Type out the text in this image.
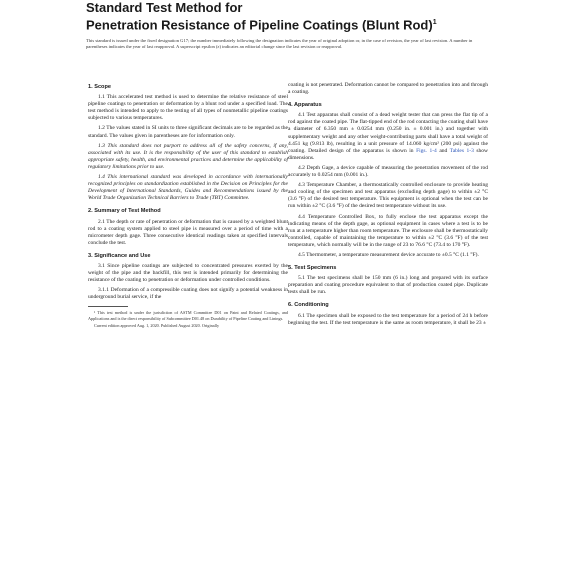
Standard Test Method for
Penetration Resistance of Pipeline Coatings (Blunt Rod)$^1$
This standard is issued under the fixed designation G17; the number immediately following the designation indicates the year of original adoption or, in the case of revision, the year of last revision. A number in parentheses indicates the year of last reapproval. A superscript epsilon (ε) indicates an editorial change since the last revision or reapproval.
1. Scope

1.1 This accelerated test method is used to determine the relative resistance of steel pipeline coatings to penetration or deformation by a blunt rod under a specified load. The test method is intended to apply to the testing of all types of nonmetallic pipeline coatings subjected to various temperatures.

1.2 The values stated in SI units to three significant decimals are to be regarded as the standard. The values given in parentheses are for information only.

1.3 This standard does not purport to address all of the safety concerns, if any, associated with its use. It is the responsibility of the user of this standard to establish appropriate safety, health, and environmental practices and determine the applicability of regulatory limitations prior to use.

1.4 This international standard was developed in accordance with internationally recognized principles on standardization established in the Decision on Principles for the Development of International Standards, Guides and Recommendations issued by the World Trade Organization Technical Barriers to Trade (TBT) Committee.

2. Summary of Test Method

2.1 The depth or rate of penetration or deformation that is caused by a weighted blunt rod to a coating system applied to steel pipe is measured over a period of time with a micrometer depth gage. Three consecutive identical readings taken at specified intervals conclude the test.

3. Significance and Use

3.1 Since pipeline coatings are subjected to concentrated pressures exerted by the weight of the pipe and the backfill, this test is intended primarily for determining the resistance of the coating to penetration or deformation under controlled conditions.

3.1.1 Deformation of a compressible coating does not signify a potential weakness in underground burial service, if the

¹ This test method is under the jurisdiction of ASTM Committee D01 on Paint and Related Coatings, and Applications and is the direct responsibility of Subcommittee D01.48 on Durability of Pipeline Coating and Linings.

Current edition approved Aug. 1, 2020. Published August 2020. Originally

coating is not penetrated. Deformation cannot be compared to penetration into and through a coating.

4. Apparatus

4.1 Test apparatus shall consist of a dead weight tester that can press the flat tip of a rod against the coated pipe. The flat-tipped end of the rod contacting the coating shall have a diameter of 6.350 mm ± 0.0254 mm (0.250 in. ± 0.001 in.) and together with supplementary weight and any other weight-contributing parts shall have a total weight of 4.451 kg (9.813 lb), resulting in a unit pressure of 14.060 kg/cm² (200 psi) against the coating. Detailed design of the apparatus is shown in Figs. 1-4 and Tables 1-3 show dimensions.

4.2 Depth Gage, a device capable of measuring the penetration movement of the rod accurately to 0.0254 mm (0.001 in.).

4.3 Temperature Chamber, a thermostatically controlled enclosure to provide heating and cooling of the specimen and test apparatus (excluding depth gage) to within ±2 °C (3.6 °F) of the desired test temperature. This equipment is optional when the test can be run within ±2 °C (3.6 °F) of the desired test temperature without its use.

4.4 Temperature Controlled Box, to fully enclose the test apparatus except the indicating means of the depth gage, as optional equipment in cases where a test is to be run at a temperature higher than room temperature. The enclosure shall be thermostatically controlled, capable of maintaining the temperature to within ±2 °C (3.6 °F) of the test temperature, which normally will be in the range of 23 to 76.6 °C (73.4 to 170 °F).

4.5 Thermometer, a temperature measurement device accurate to ±0.5 °C (1.1 °F).

5. Test Specimens

5.1 The test specimens shall be 150 mm (6 in.) long and prepared with its surface preparation and coating procedure equivalent to that of production coated pipe. Duplicate tests shall be run.

6. Conditioning

6.1 The specimen shall be exposed to the test temperature for a period of 24 h before beginning the test. If the test temperature is the same as room temperature, it shall be 23 ±
